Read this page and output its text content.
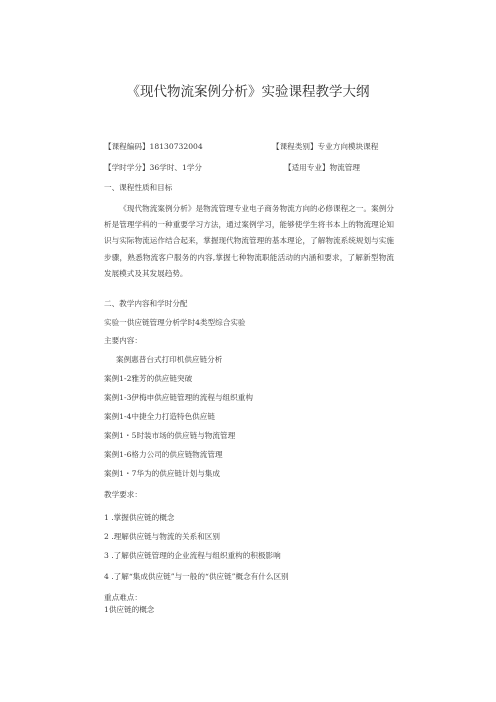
《现代物流案例分析》实验课程教学大纲
【课程编码】18130732004	【课程类别】专业方向模块课程
【学时学分】36学时、1学分	【适用专业】物流管理
一、课程性质和目标
《现代物流案例分析》是物流管理专业电子商务物流方向的必修课程之一。案例分析是管理学科的一种重要学习方法，通过案例学习，能够使学生将书本上的物流理论知识与实际物流运作结合起来，掌握现代物流管理的基本理论，了解物流系统规划与实施步骤，熟悉物流客户服务的内容,掌握七种物流职能活动的内涵和要求，了解新型物流发展模式及其发展趋势。
二、教学内容和学时分配
实验一供应链管理分析学时4类型综合实验
主要内容：
案例惠普台式打印机供应链分析
案例1-2雅芳的供应链突破
案例1-3伊梅申供应链管理的流程与组织重构
案例1-4中捷全力打造特色供应链
案例1・5时装市场的供应链与物流管理
案例1-6格力公司的供应链物流管理
案例1・7华为的供应链计划与集成
教学要求：
1 .掌握供应链的概念
2 .理解供应链与物流的关系和区别
3 .了解供应链管理的企业流程与组织重构的积极影响
4 .了解“集成供应链”与一般的“供应链”概念有什么区别
重点难点：
1供应链的概念
